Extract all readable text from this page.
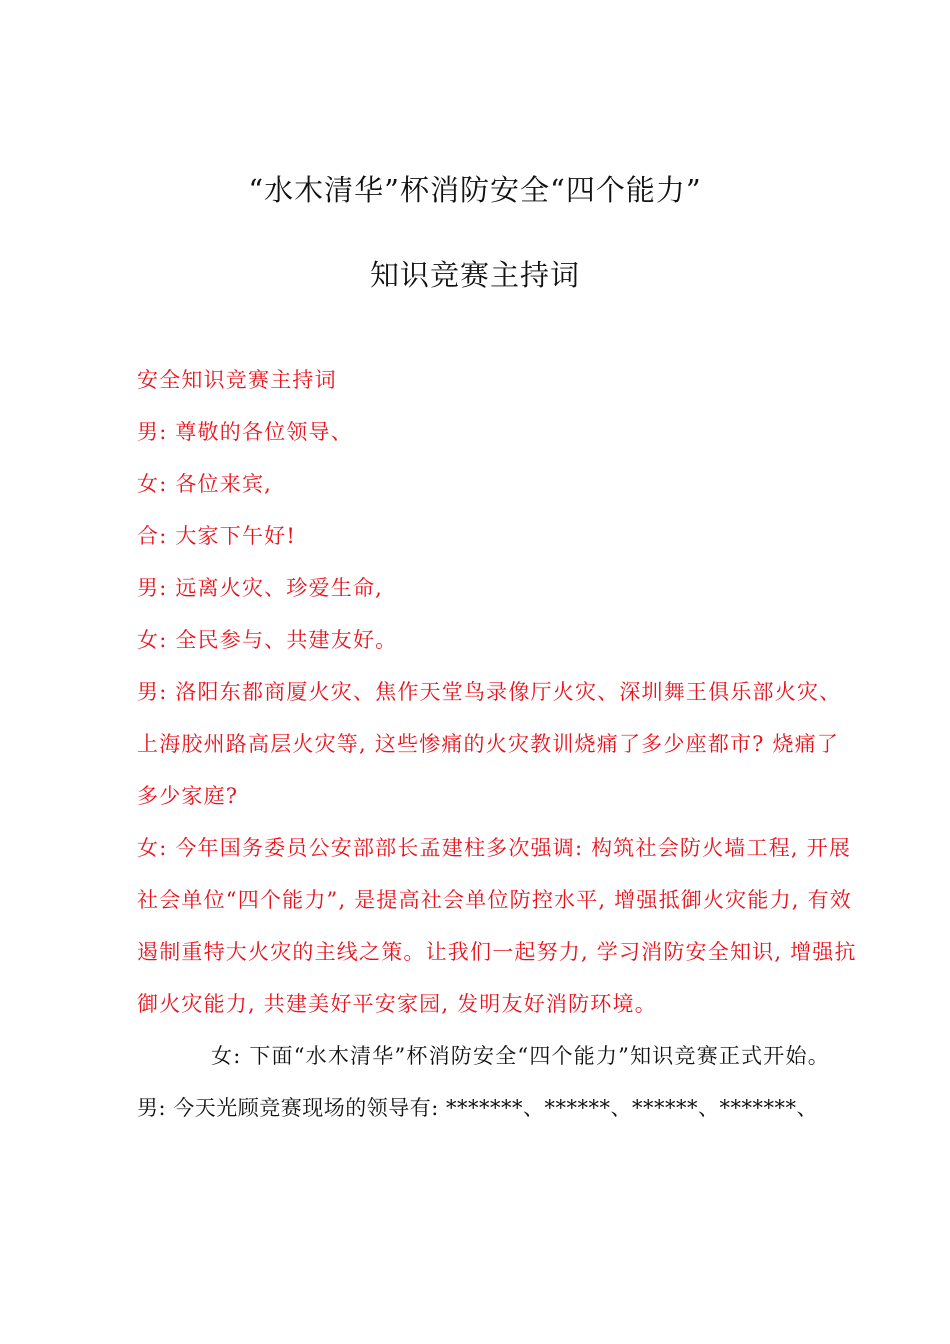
“水木清华”杯消防安全“四个能力”
知识竞赛主持词

安全知识竞赛主持词

男: 尊敬的各位领导、

女: 各位来宾,

合: 大家下午好!

男: 远离火灾、珍爱生命,

女: 全民参与、共建友好。

男: 洛阳东都商厦火灾、焦作天堂鸟录像厅火灾、深圳舞王俱乐部火灾、上海胶州路高层火灾等, 这些惨痛的火灾教训烧痛了多少座都市? 烧痛了多少家庭?

女: 今年国务委员公安部部长孟建柱多次强调: 构筑社会防火墙工程, 开展社会单位“四个能力”, 是提高社会单位防控水平, 增强抵御火灾能力, 有效遏制重特大火灾的主线之策。让我们一起努力, 学习消防安全知识, 增强抗御火灾能力, 共建美好平安家园, 发明友好消防环境。

女: 下面“水木清华”杯消防安全“四个能力”知识竞赛正式开始。

男: 今天光顾竞赛现场的领导有: *******、******、******、*******、
